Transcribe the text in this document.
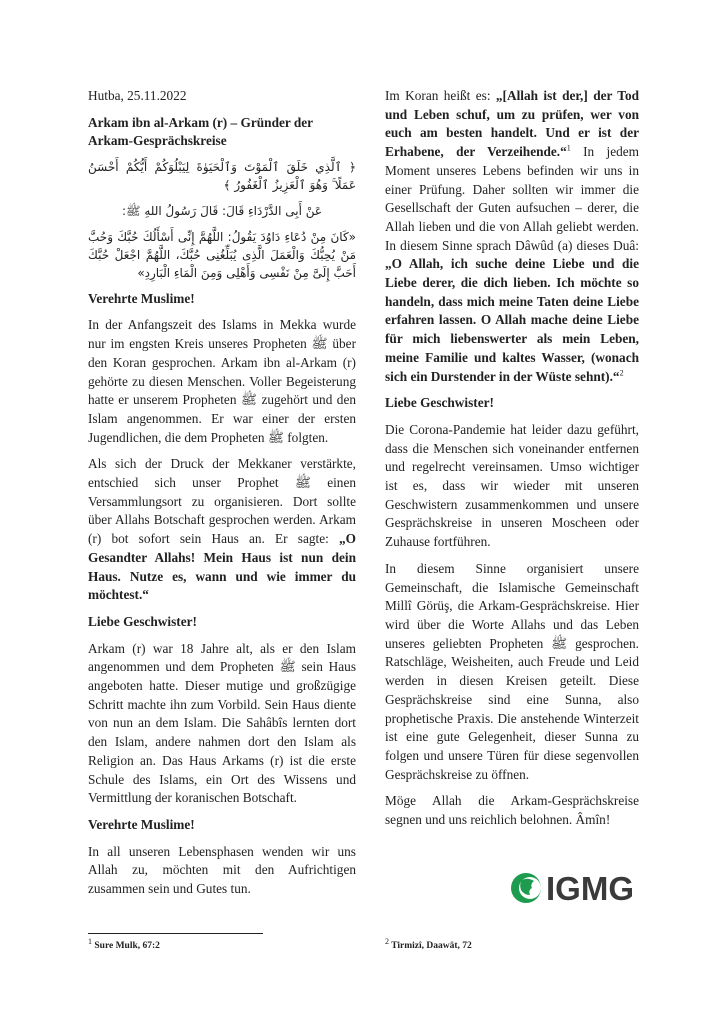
Hutba, 25.11.2022

Arkam ibn al-Arkam (r) – Gründer der Arkam-Gesprächskreise

﴿ ٱلَّذِي خَلَقَ ٱلْمَوْتَ وَٱلْحَيَوٰةَ لِيَبْلُوَكُمْ أَيُّكُمْ أَحْسَنُ عَمَلًا ۚ وَهُوَ ٱلْعَزِيزُ ٱلْغَفُورُ ﴾

عَنْ أَبِى الدَّرْدَاءِ قَالَ: قَالَ رَسُولُ اللهِ ﷺ:

«كَانَ مِنْ دُعَاءِ دَاوُدَ يَقُولُ: اللَّهُمَّ إِنِّى أَسْأَلُكَ حُبَّكَ وَحُبَّ مَنْ يُحِبُّكَ وَالْعَمَلَ الَّذِى يُبَلِّغُنِى حُبَّكَ، اللَّهُمَّ اجْعَلْ حُبَّكَ أَحَبَّ إِلَىَّ مِنْ نَفْسِى وَأَهْلِى وَمِنَ الْمَاءِ الْبَارِدِ»

Verehrte Muslime!

In der Anfangszeit des Islams in Mekka wurde nur im engsten Kreis unseres Propheten ﷺ über den Koran gesprochen. Arkam ibn al-Arkam (r) gehörte zu diesen Menschen. Voller Begeisterung hatte er unserem Propheten ﷺ zugehört und den Islam angenommen. Er war einer der ersten Jugendlichen, die dem Propheten ﷺ folgten.

Als sich der Druck der Mekkaner verstärkte, entschied sich unser Prophet ﷺ einen Versammlungsort zu organisieren. Dort sollte über Allahs Botschaft gesprochen werden. Arkam (r) bot sofort sein Haus an. Er sagte: „O Gesandter Allahs! Mein Haus ist nun dein Haus. Nutze es, wann und wie immer du möchtest.“

Liebe Geschwister!

Arkam (r) war 18 Jahre alt, als er den Islam angenommen und dem Propheten ﷺ sein Haus angeboten hatte. Dieser mutige und großzügige Schritt machte ihn zum Vorbild. Sein Haus diente von nun an dem Islam. Die Sahâbîs lernten dort den Islam, andere nahmen dort den Islam als Religion an. Das Haus Arkams (r) ist die erste Schule des Islams, ein Ort des Wissens und Vermittlung der koranischen Botschaft.

Verehrte Muslime!

In all unseren Lebensphasen wenden wir uns Allah zu, möchten mit den Aufrichtigen zusammen sein und Gutes tun.

Im Koran heißt es: „[Allah ist der,] der Tod und Leben schuf, um zu prüfen, wer von euch am besten handelt. Und er ist der Erhabene, der Verzeihende.“$^1$ In jedem Moment unseres Lebens befinden wir uns in einer Prüfung. Daher sollten wir immer die Gesellschaft der Guten aufsuchen – derer, die Allah lieben und die von Allah geliebt werden. In diesem Sinne sprach Dâwûd (a) dieses Duâ: „O Allah, ich suche deine Liebe und die Liebe derer, die dich lieben. Ich möchte so handeln, dass mich meine Taten deine Liebe erfahren lassen. O Allah mache deine Liebe für mich liebenswerter als mein Leben, meine Familie und kaltes Wasser, (wonach sich ein Durstender in der Wüste sehnt).“$^2$

Liebe Geschwister!

Die Corona-Pandemie hat leider dazu geführt, dass die Menschen sich voneinander entfernen und regelrecht vereinsamen. Umso wichtiger ist es, dass wir wieder mit unseren Geschwistern zusammenkommen und unsere Gesprächskreise in unseren Moscheen oder Zuhause fortführen.

In diesem Sinne organisiert unsere Gemeinschaft, die Islamische Gemeinschaft Millî Görüş, die Arkam-Gesprächskreise. Hier wird über die Worte Allahs und das Leben unseres geliebten Propheten ﷺ gesprochen. Ratschläge, Weisheiten, auch Freude und Leid werden in diesen Kreisen geteilt. Diese Gesprächskreise sind eine Sunna, also prophetische Praxis. Die anstehende Winterzeit ist eine gute Gelegenheit, dieser Sunna zu folgen und unsere Türen für diese segenvollen Gesprächskreise zu öffnen.

Möge Allah die Arkam-Gesprächskreise segnen und uns reichlich belohnen. Âmîn!

IGMG
$^1$ Sure Mulk, 67:2	$^2$ Tirmizî, Daawât, 72
